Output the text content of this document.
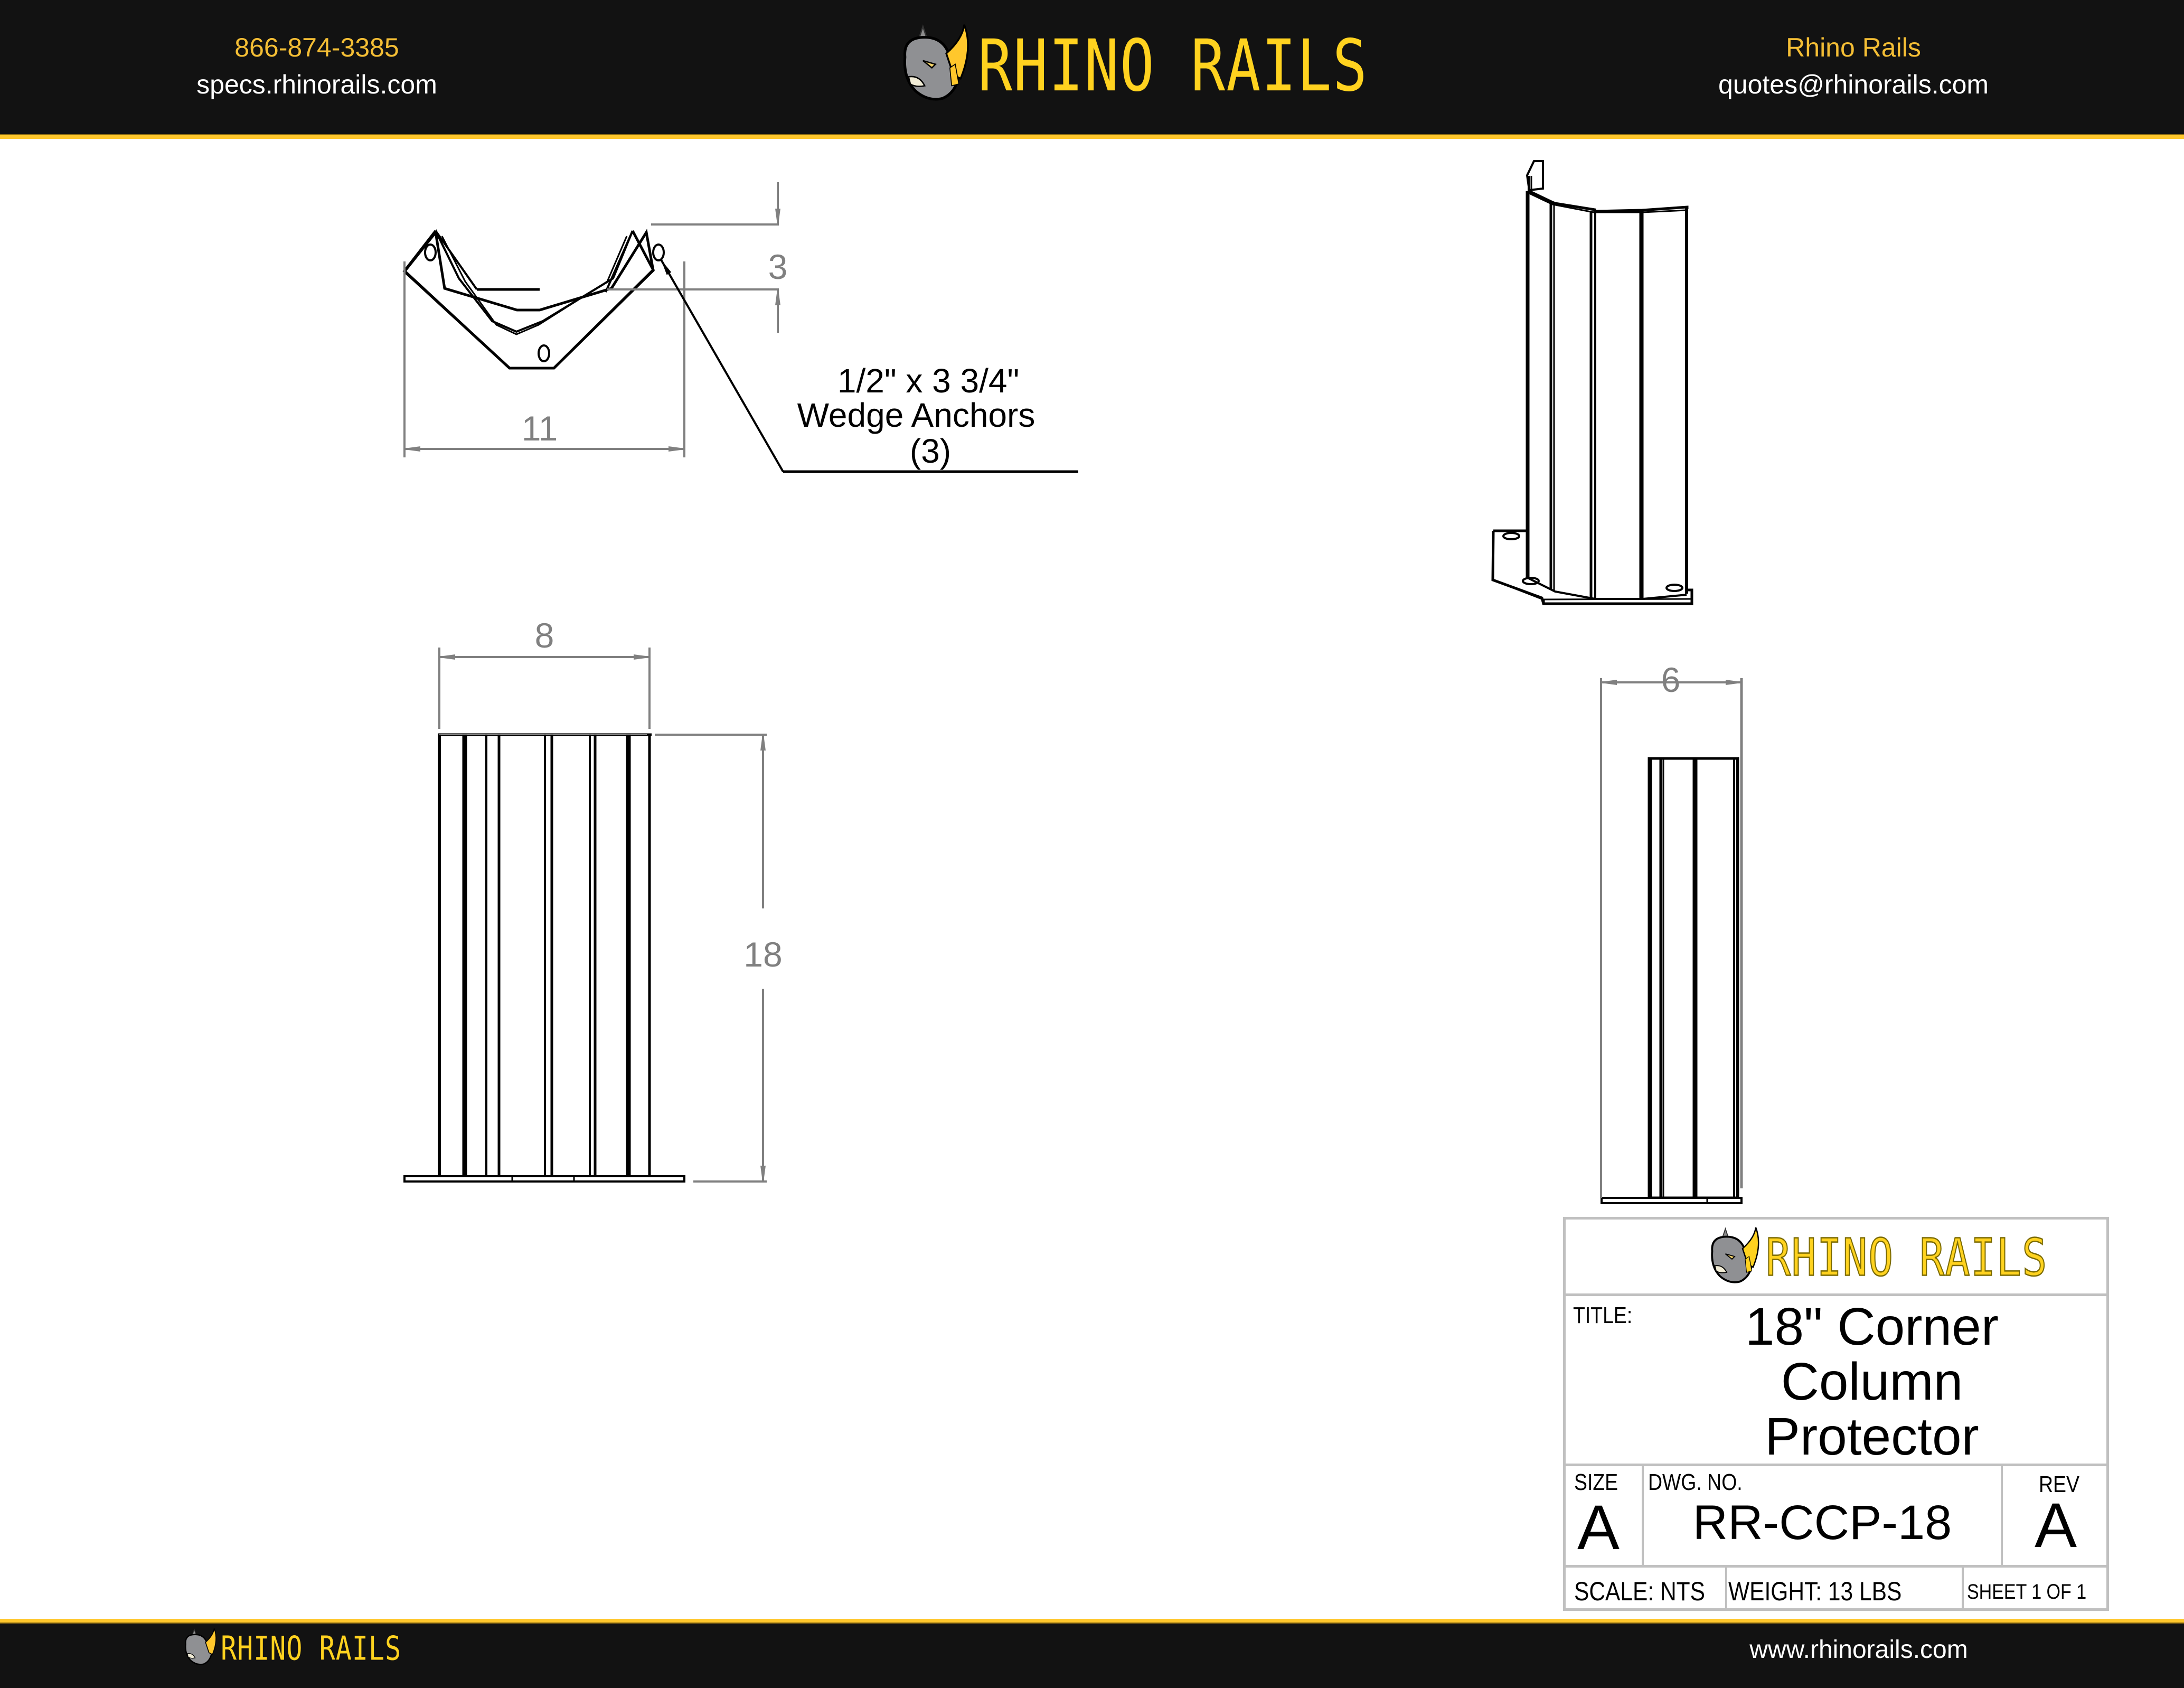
866-874-3385
specs.rhinorails.com	RHINO RAILS	Rhino Rails
quotes@rhinorails.com
11
3
1/2" x 3 3/4"
Wedge Anchors
(3)
8
18
6
RHINO RAILS
TITLE:	18" Corner
Column
Protector
SIZE
A
DWG. NO.
RR-CCP-18
REV
A
SCALE: NTS WEIGHT: 13 LBS	SHEET 1 OF 1
RHINO RAILS	www.rhinorails.com
